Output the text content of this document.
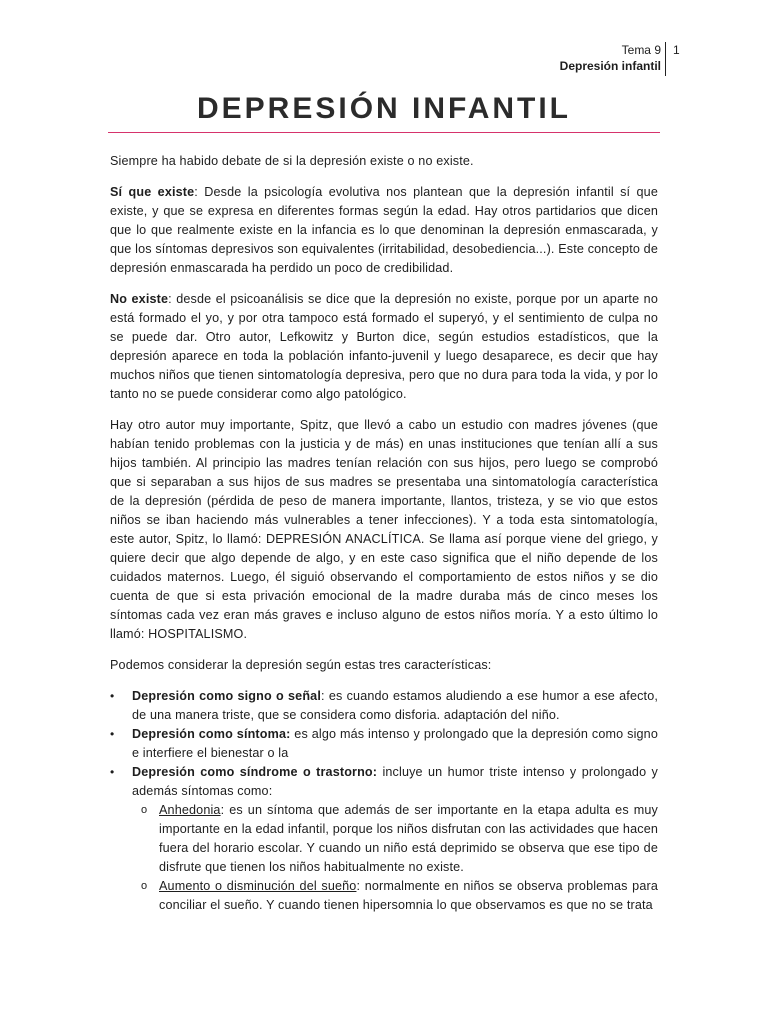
Tema 9
Depresión infantil
1
DEPRESIÓN INFANTIL

Siempre ha habido debate de si la depresión existe o no existe.

Sí que existe: Desde la psicología evolutiva nos plantean que la depresión infantil sí que existe, y que se expresa en diferentes formas según la edad. Hay otros partidarios que dicen que lo que realmente existe en la infancia es lo que denominan la depresión enmascarada, y que los síntomas depresivos son equivalentes (irritabilidad, desobediencia...). Este concepto de depresión enmascarada ha perdido un poco de credibilidad.

No existe: desde el psicoanálisis se dice que la depresión no existe, porque por un aparte no está formado el yo, y por otra tampoco está formado el superyó, y el sentimiento de culpa no se puede dar. Otro autor, Lefkowitz y Burton dice, según estudios estadísticos, que la depresión aparece en toda la población infanto-juvenil y luego desaparece, es decir que hay muchos niños que tienen sintomatología depresiva, pero que no dura para toda la vida, y por lo tanto no se puede considerar como algo patológico.

Hay otro autor muy importante, Spitz, que llevó a cabo un estudio con madres jóvenes (que habían tenido problemas con la justicia y de más) en unas instituciones que tenían allí a sus hijos también. Al principio las madres tenían relación con sus hijos, pero luego se comprobó que si separaban a sus hijos de sus madres se presentaba una sintomatología característica de la depresión (pérdida de peso de manera importante, llantos, tristeza, y se vio que estos niños se iban haciendo más vulnerables a tener infecciones). Y a toda esta sintomatología, este autor, Spitz, lo llamó: DEPRESIÓN ANACLÍTICA. Se llama así porque viene del griego, y quiere decir que algo depende de algo, y en este caso significa que el niño depende de los cuidados maternos. Luego, él siguió observando el comportamiento de estos niños y se dio cuenta de que si esta privación emocional de la madre duraba más de cinco meses los síntomas cada vez eran más graves e incluso alguno de estos niños moría. Y a esto último lo llamó: HOSPITALISMO.

Podemos considerar la depresión según estas tres características:

• Depresión como signo o señal: es cuando estamos aludiendo a ese humor a ese afecto, de una manera triste, que se considera como disforia. adaptación del niño.
• Depresión como síntoma: es algo más intenso y prolongado que la depresión como signo e interfiere el bienestar o la
• Depresión como síndrome o trastorno: incluye un humor triste intenso y prolongado y además síntomas como:
o Anhedonia: es un síntoma que además de ser importante en la etapa adulta es muy importante en la edad infantil, porque los niños disfrutan con las actividades que hacen fuera del horario escolar. Y cuando un niño está deprimido se observa que ese tipo de disfrute que tienen los niños habitualmente no existe.
o Aumento o disminución del sueño: normalmente en niños se observa problemas para conciliar el sueño. Y cuando tienen hipersomnia lo que observamos es que no se trata
